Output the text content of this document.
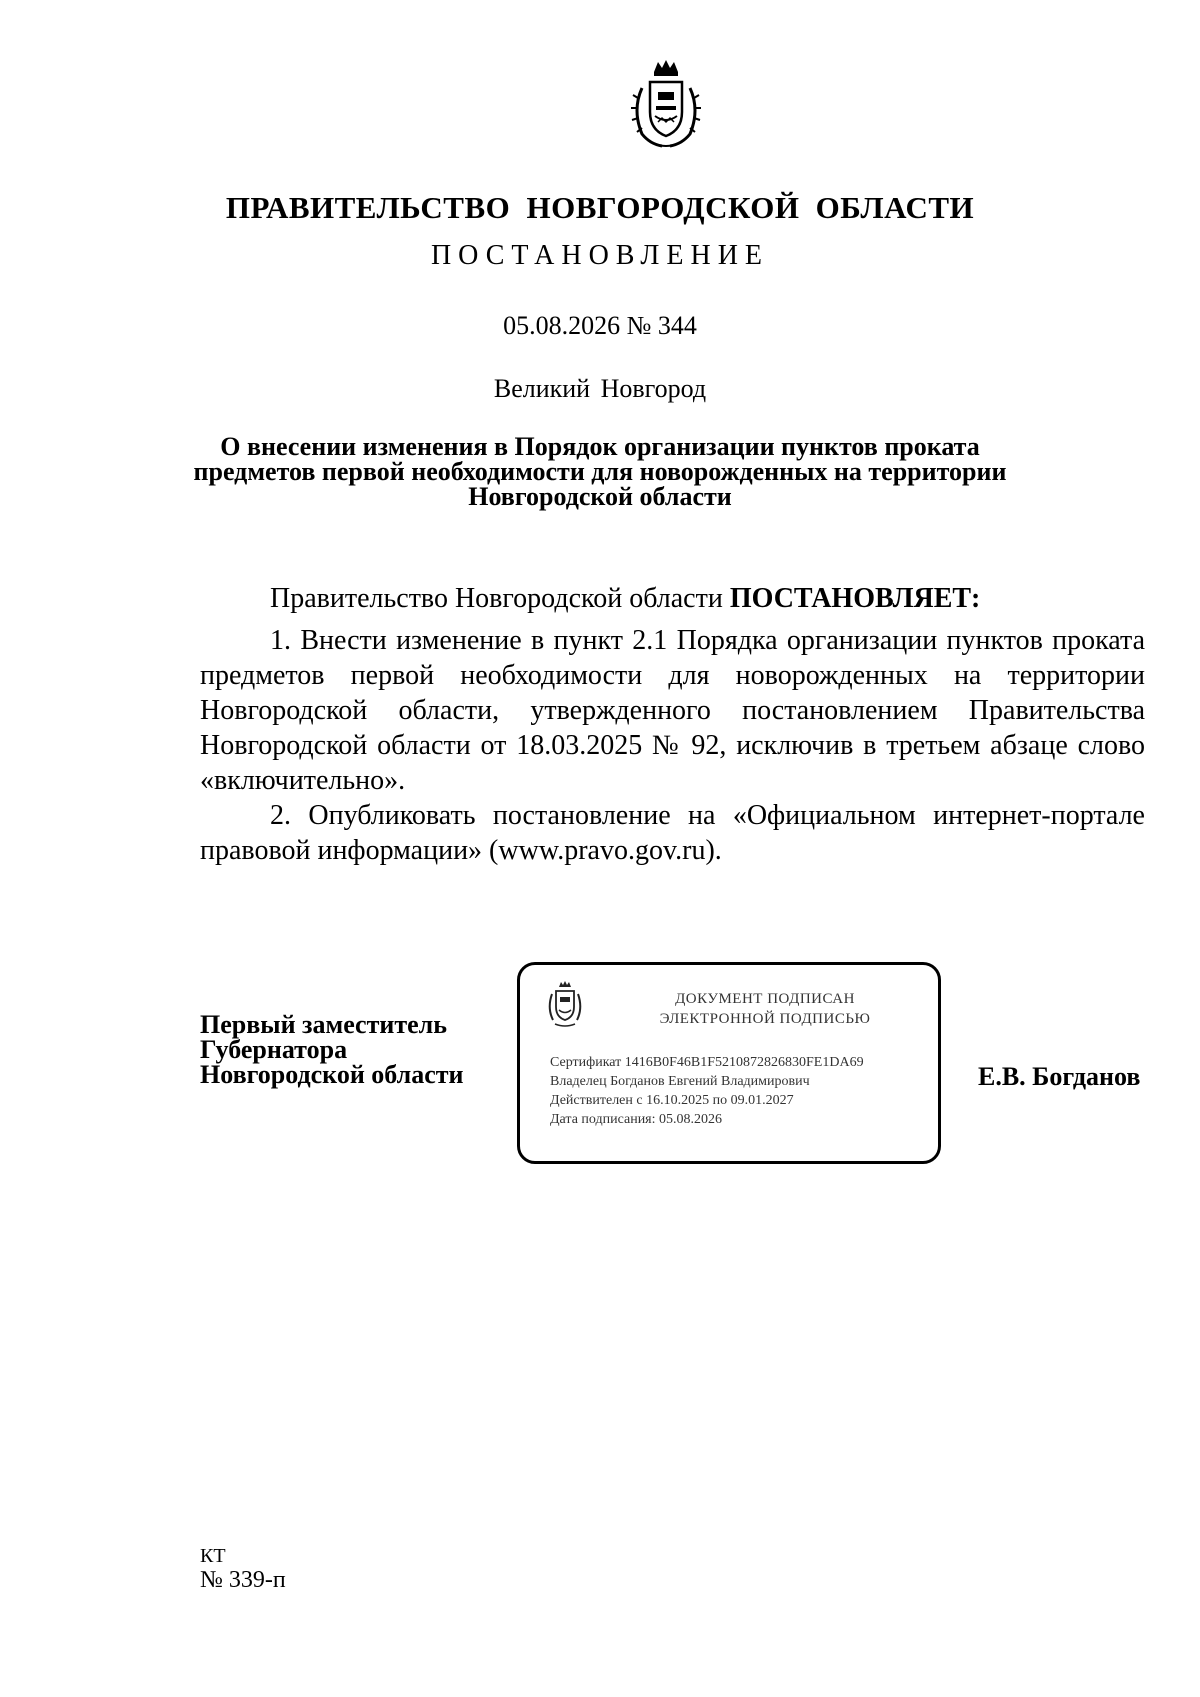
ПРАВИТЕЛЬСТВО НОВГОРОДСКОЙ ОБЛАСТИ
ПОСТАНОВЛЕНИЕ
05.08.2026 № 344
Великий Новгород
О внесении изменения в Порядок организации пунктов проката
предметов первой необходимости для новорожденных на территории
Новгородской области

Правительство Новгородской области ПОСТАНОВЛЯЕТ:

1. Внести изменение в пункт 2.1 Порядка организации пунктов проката предметов первой необходимости для новорожденных на территории Новгородской области, утвержденного постановлением Правительства Новгородской области от 18.03.2025 № 92, исключив в третьем абзаце слово «включительно».

2. Опубликовать постановление на «Официальном интернет-портале правовой информации» (www.pravo.gov.ru).

Первый заместитель
Губернатора
Новгородской области
ДОКУМЕНТ ПОДПИСАН
ЭЛЕКТРОННОЙ ПОДПИСЬЮ
Сертификат 1416B0F46B1F5210872826830FE1DA69
Владелец Богданов Евгений Владимирович
Действителен с 16.10.2025 по 09.01.2027
Дата подписания: 05.08.2026
Е.В. Богданов
КТ
№ 339-п
